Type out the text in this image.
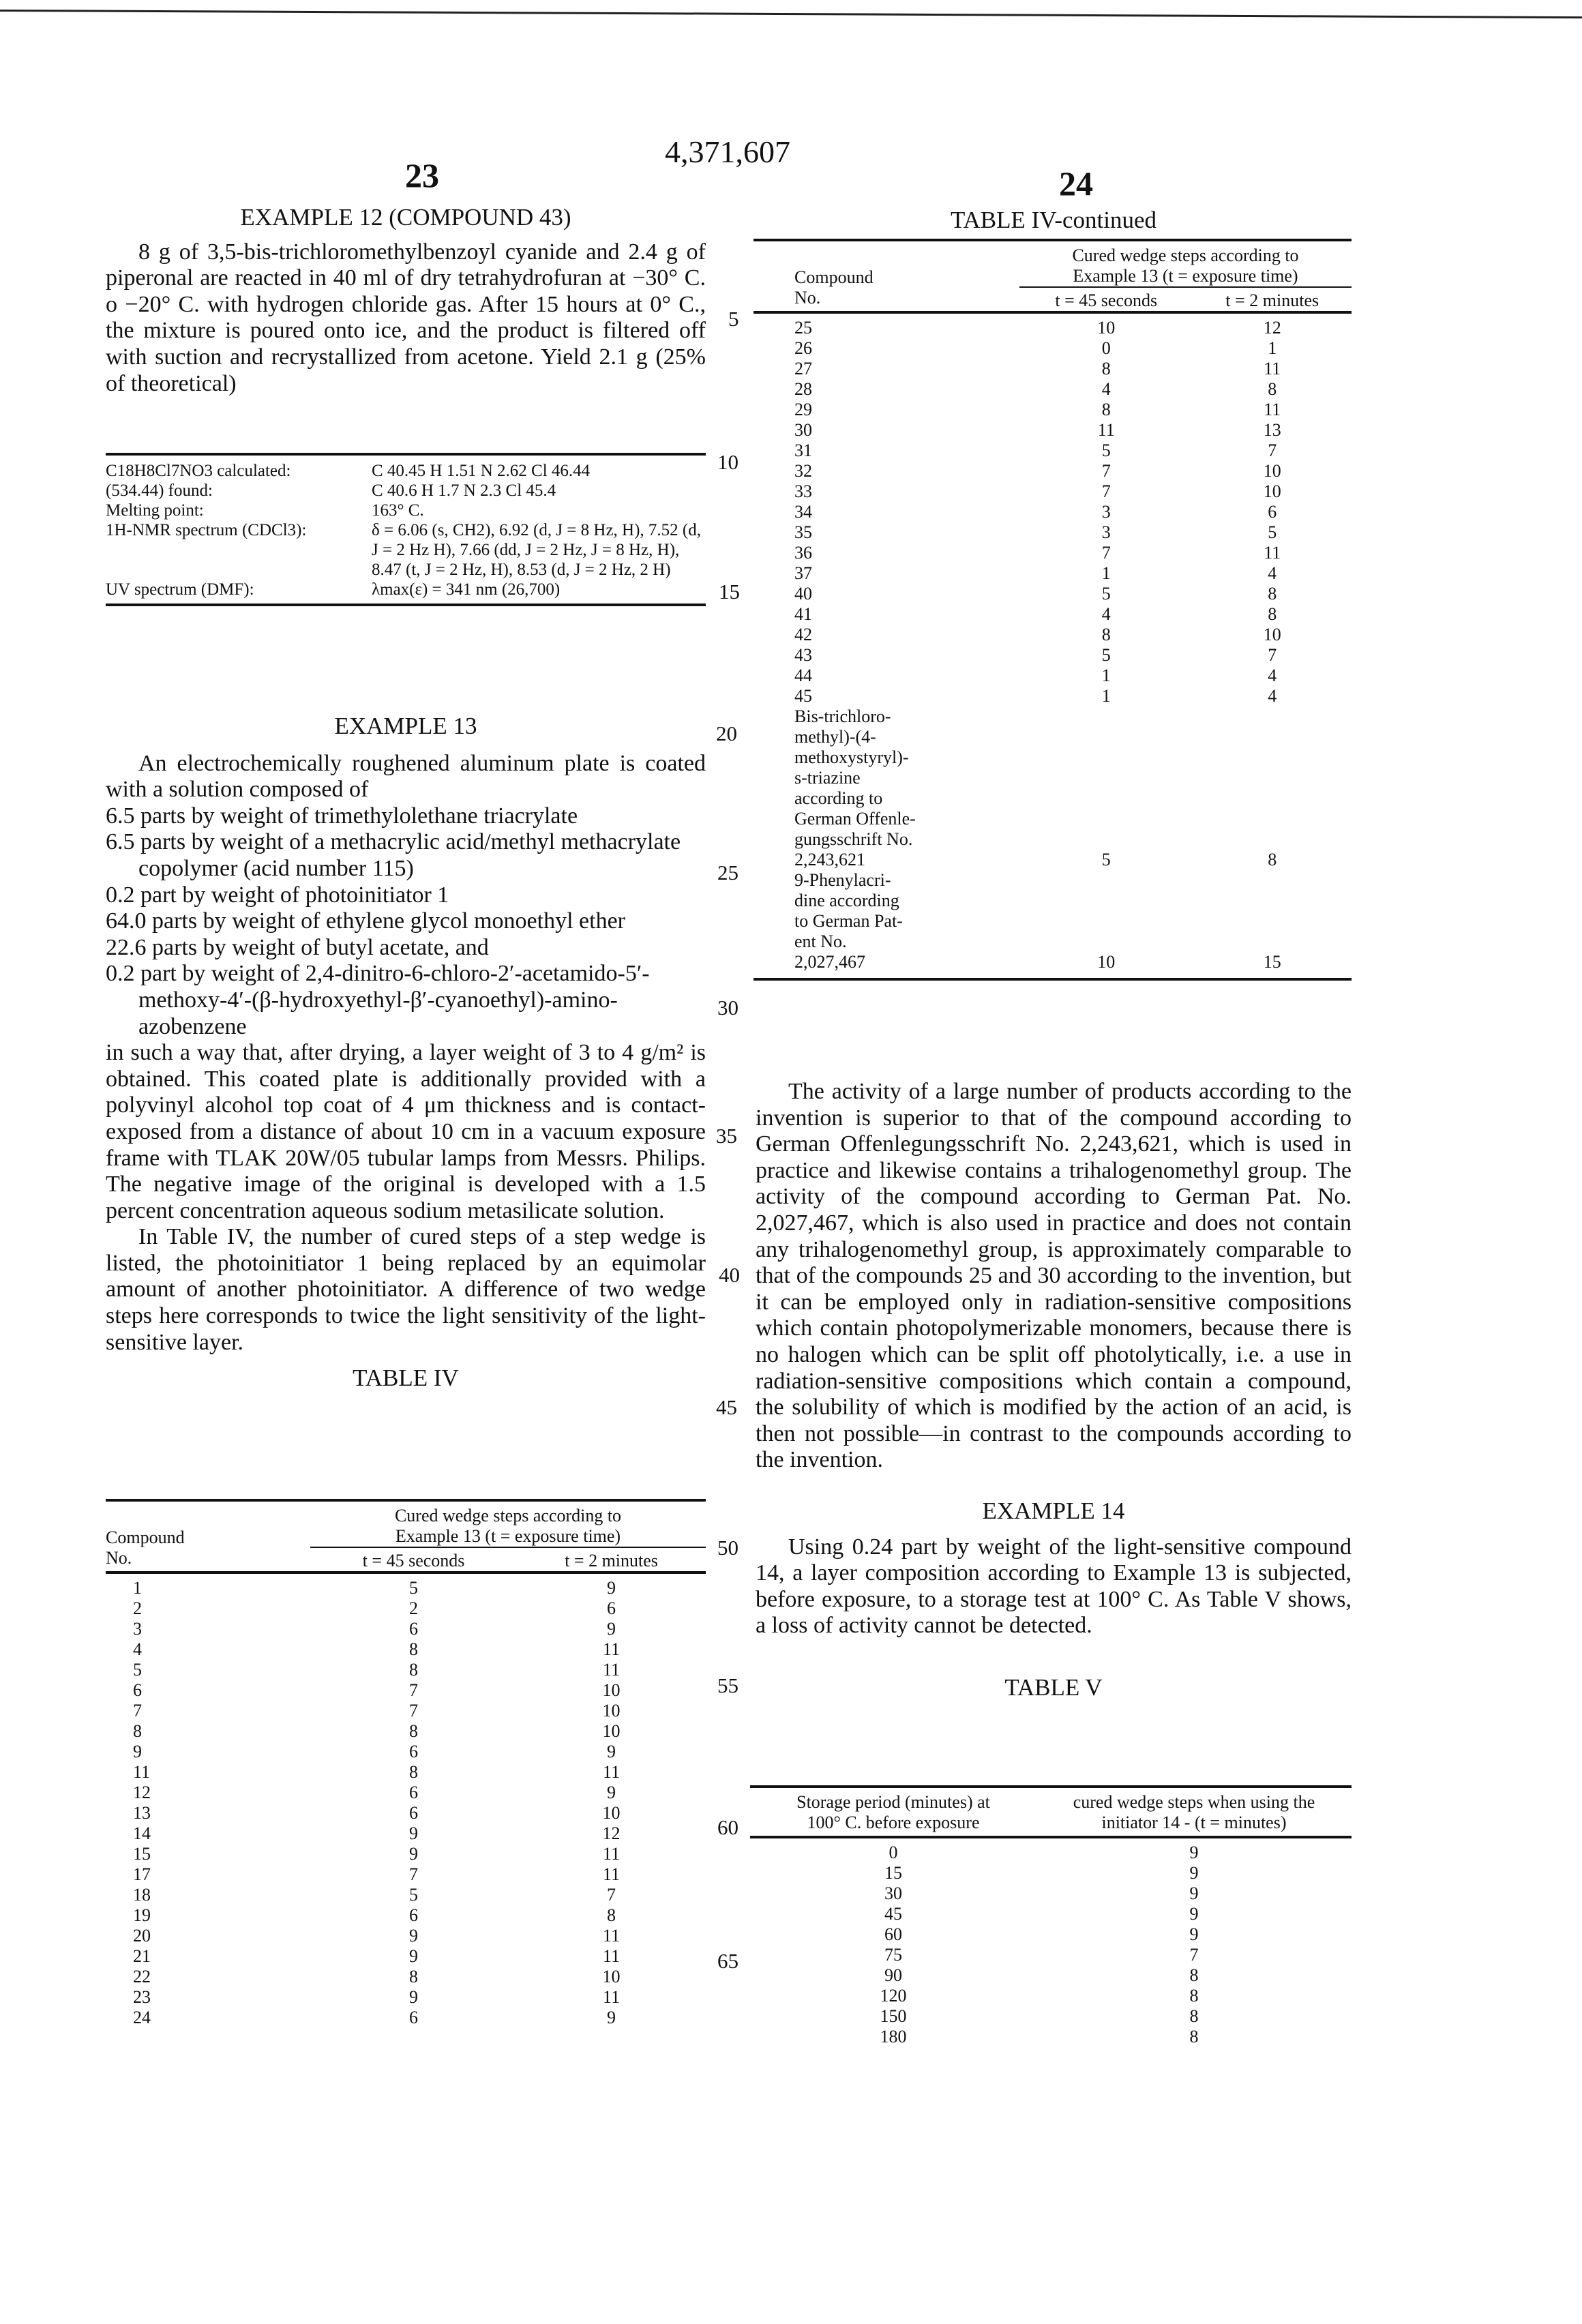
4,371,607
23	24
EXAMPLE 12 (COMPOUND 43)

8 g of 3,5-bis-trichloromethylbenzoyl cyanide and 2.4 g of piperonal are reacted in 40 ml of dry tetrahydrofuran at −30° C. o −20° C. with hydrogen chloride gas. After 15 hours at 0° C., the mixture is poured onto ice, and the product is filtered off with suction and recrystallized from acetone. Yield 2.1 g (25% of theoretical)

C18H8Cl7NO3 calculated:	C 40.45 H 1.51 N 2.62 Cl 46.44
(534.44) found:	C 40.6 H 1.7 N 2.3 Cl 45.4
Melting point:	163° C.
1H-NMR spectrum (CDCl3):	δ = 6.06 (s, CH2), 6.92 (d, J = 8 Hz, H), 7.52 (d, J = 2 Hz H), 7.66 (dd, J = 2 Hz, J = 8 Hz, H), 8.47 (t, J = 2 Hz, H), 8.53 (d, J = 2 Hz, 2 H)
UV spectrum (DMF):	λmax(ε) = 341 nm (26,700)
EXAMPLE 13

An electrochemically roughened aluminum plate is coated with a solution composed of

6.5 parts by weight of trimethylolethane triacrylate
6.5 parts by weight of a methacrylic acid/methyl methacrylate copolymer (acid number 115)
0.2 part by weight of photoinitiator 1
64.0 parts by weight of ethylene glycol monoethyl ether
22.6 parts by weight of butyl acetate, and
0.2 part by weight of 2,4-dinitro-6-chloro-2′-acetamido-5′-methoxy-4′-(β-hydroxyethyl-β′-cyanoethyl)-amino-azobenzene

in such a way that, after drying, a layer weight of 3 to 4 g/m² is obtained. This coated plate is additionally provided with a polyvinyl alcohol top coat of 4 μm thickness and is contact-exposed from a distance of about 10 cm in a vacuum exposure frame with TLAK 20W/05 tubular lamps from Messrs. Philips. The negative image of the original is developed with a 1.5 percent concentration aqueous sodium metasilicate solution.

In Table IV, the number of cured steps of a step wedge is listed, the photoinitiator 1 being replaced by an equimolar amount of another photoinitiator. A difference of two wedge steps here corresponds to twice the light sensitivity of the light-sensitive layer.

TABLE IV
Compound	Cured wedge steps according to
Example 13 (t = exposure time)	

No.	t = 45 seconds	t = 2 minutes
1	5	9
2	2	6
3	6	9
4	8	11
5	8	11
6	7	10
7	7	10
8	8	10
9	6	9
11	8	11
12	6	9
13	6	10
14	9	12
15	9	11
17	7	11
18	5	7
19	6	8
20	9	11
21	9	11
22	8	10
23	9	11
24	6	9
TABLE IV-continued
Compound	Cured wedge steps according to
Example 13 (t = exposure time)	

No.	t = 45 seconds	t = 2 minutes
25	10	12
26	0	1
27	8	11
28	4	8
29	8	11
30	11	13
31	5	7
32	7	10
33	7	10
34	3	6
35	3	5
36	7	11
37	1	4
40	5	8
41	4	8
42	8	10
43	5	7
44	1	4
45	1	4

Bis-trichloro-
methyl)-(4-
methoxystyryl)-
s-triazine
according to
German Offenle-
gungsschrift No.
2,243,621	5	8

9-Phenylacri-
dine according
to German Pat-
ent No.
2,027,467	10	15

The activity of a large number of products according to the invention is superior to that of the compound according to German Offenlegungsschrift No. 2,243,621, which is used in practice and likewise contains a trihalogenomethyl group. The activity of the compound according to German Pat. No. 2,027,467, which is also used in practice and does not contain any trihalogenomethyl group, is approximately comparable to that of the compounds 25 and 30 according to the invention, but it can be employed only in radiation-sensitive compositions which contain photopolymerizable monomers, because there is no halogen which can be split off photolytically, i.e. a use in radiation-sensitive compositions which contain a compound, the solubility of which is modified by the action of an acid, is then not possible—in contrast to the compounds according to the invention.

EXAMPLE 14

Using 0.24 part by weight of the light-sensitive compound 14, a layer composition according to Example 13 is subjected, before exposure, to a storage test at 100° C. As Table V shows, a loss of activity cannot be detected.

TABLE V
Storage period (minutes) at
100° C. before exposure

cured wedge steps when using the
initiator 14 - (t = minutes)

0	9
15	9
30	9
45	9
60	9
75	7
90	8
120	8
150	8
180	8
5
10
15
20
25
30
35
40
45
50
55
60
65
